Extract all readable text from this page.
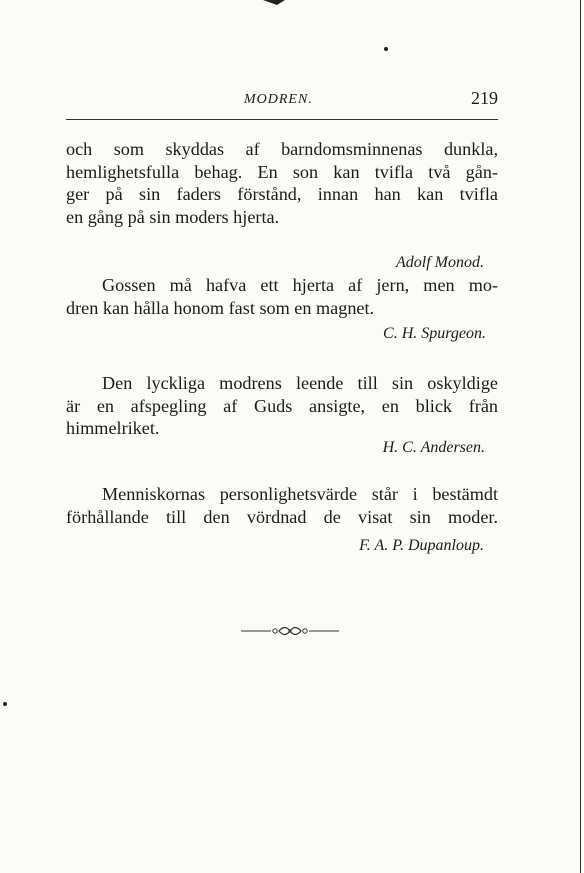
MODREN.	219
och som skyddas af barndomsminnenas dunkla,
hemlighetsfulla behag. En son kan tvifla två gån-
ger på sin faders förstånd, innan han kan tvifla
en gång på sin moders hjerta.
Adolf Monod.
Gossen må hafva ett hjerta af jern, men mo-
dren kan hålla honom fast som en magnet.
C. H. Spurgeon.
Den lyckliga modrens leende till sin oskyldige
är en afspegling af Guds ansigte, en blick från
himmelriket.
H. C. Andersen.
Menniskornas personlighetsvärde står i bestämdt
förhållande till den vördnad de visat sin moder.
F. A. P. Dupanloup.
